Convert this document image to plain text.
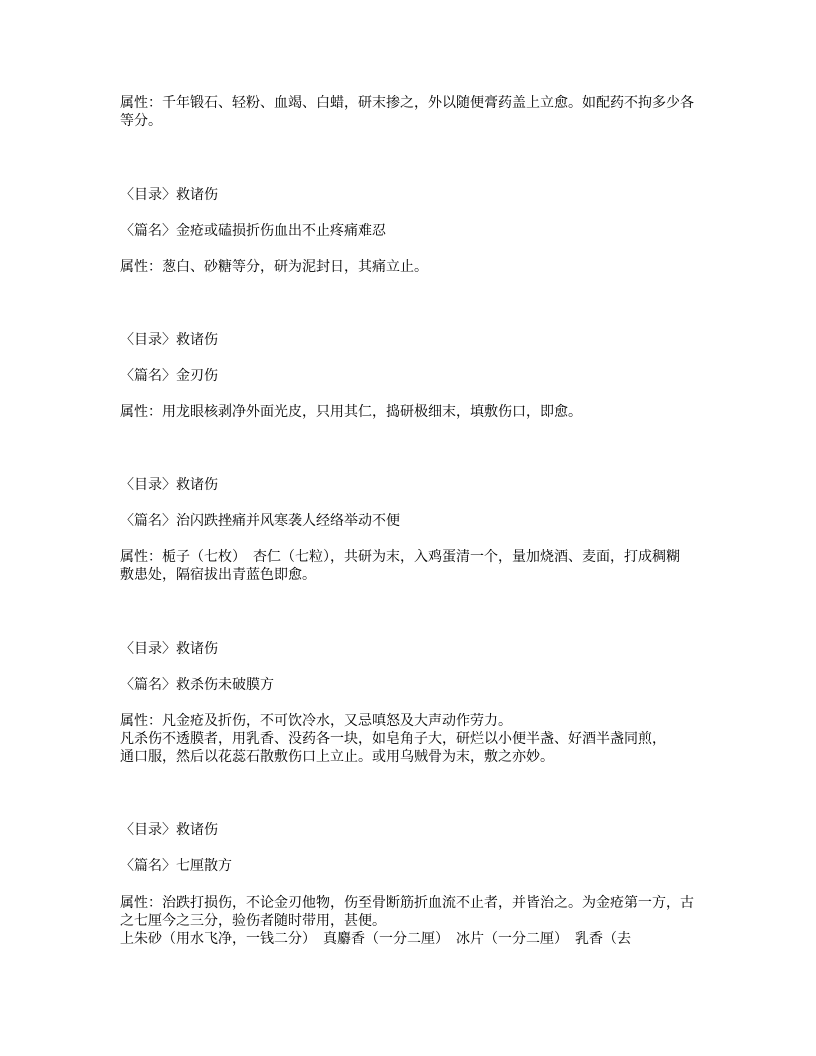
属性：千年锻石、轻粉、血竭、白蜡，研末掺之，外以随便膏药盖上立愈。如配药不拘多少各
等分。
〈目录〉救诸伤
〈篇名〉金疮或磕损折伤血出不止疼痛难忍
属性：葱白、砂糖等分，研为泥封日，其痛立止。
〈目录〉救诸伤
〈篇名〉金刃伤
属性：用龙眼核剥净外面光皮，只用其仁，捣研极细末，填敷伤口，即愈。
〈目录〉救诸伤
〈篇名〉治闪跌挫痛并风寒袭人经络举动不便
属性：栀子（七枚）　杏仁（七粒），共研为末，入鸡蛋清一个，量加烧酒、麦面，打成稠糊
敷患处，隔宿拔出青蓝色即愈。
〈目录〉救诸伤
〈篇名〉救杀伤未破膜方
属性：凡金疮及折伤，不可饮冷水，又忌嗔怒及大声动作劳力。
凡杀伤不透膜者，用乳香、没药各一块，如皂角子大，研烂以小便半盏、好酒半盏同煎，
通口服，然后以花蕊石散敷伤口上立止。或用乌贼骨为末，敷之亦妙。
〈目录〉救诸伤
〈篇名〉七厘散方
属性：治跌打损伤，不论金刃他物，伤至骨断筋折血流不止者，并皆治之。为金疮第一方，古
之七厘今之三分，验伤者随时带用，甚便。
上朱砂（用水飞净，一钱二分）　真麝香（一分二厘）　冰片（一分二厘）　乳香（去
